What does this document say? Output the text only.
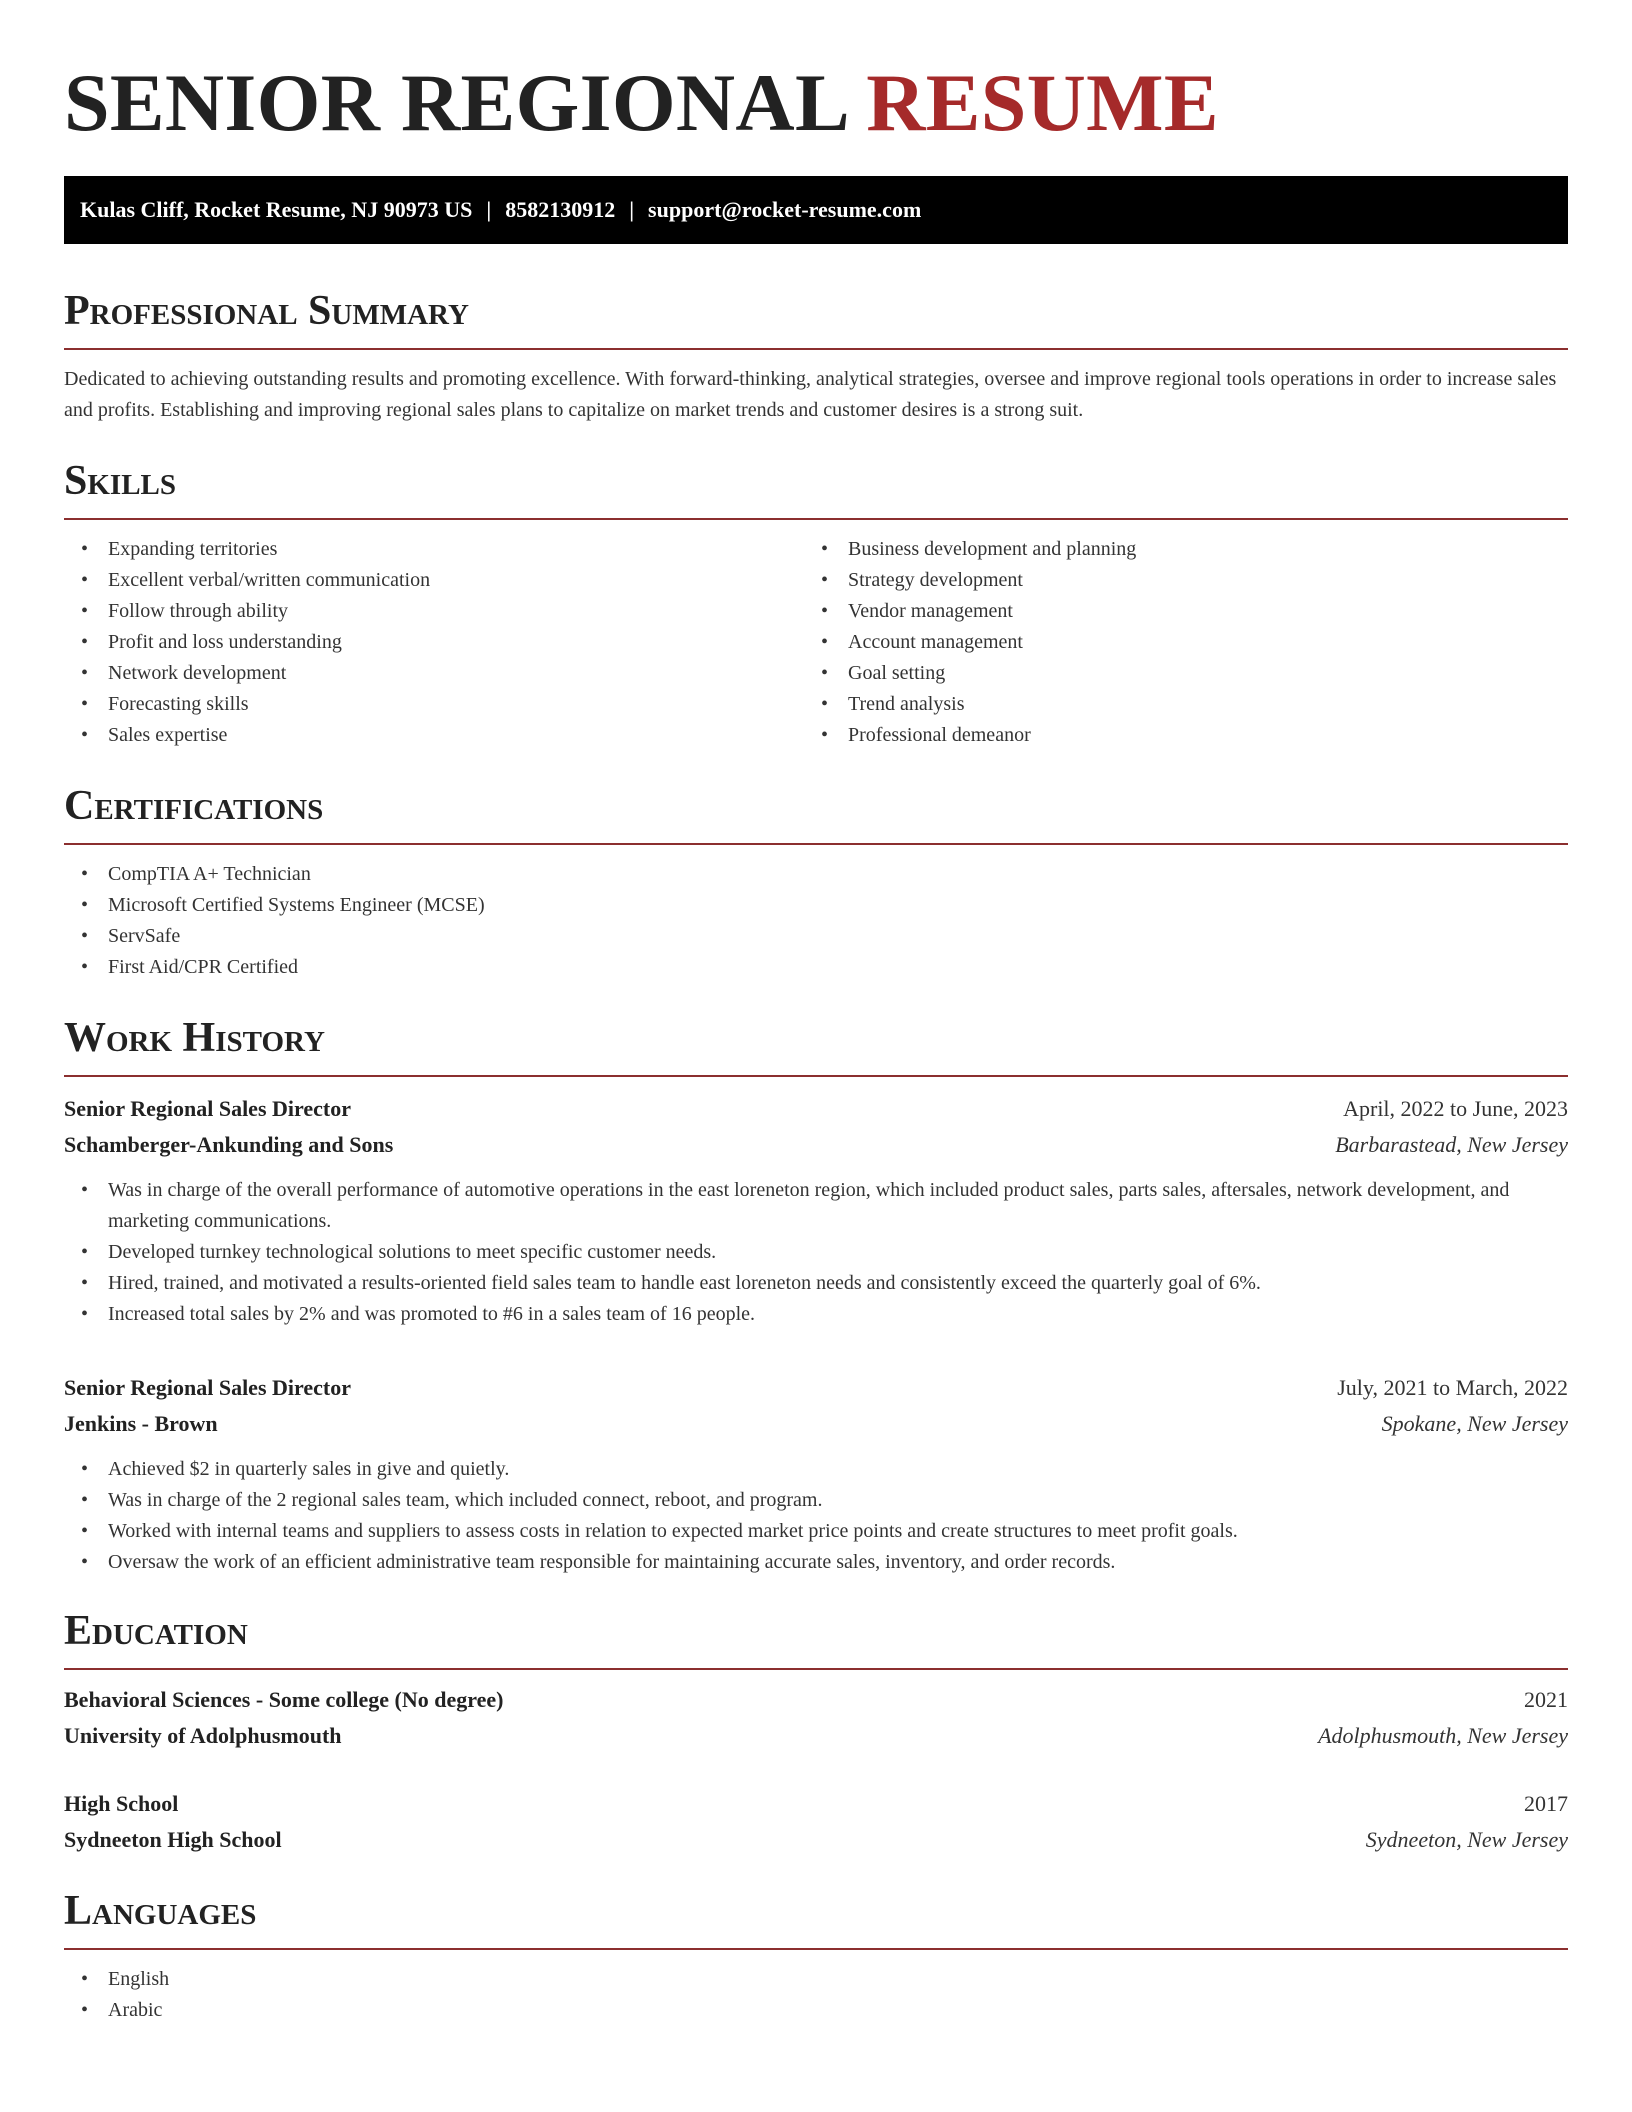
SENIOR REGIONAL RESUME
Kulas Cliff, Rocket Resume, NJ 90973 US | 8582130912 | support@rocket-resume.com
Professional Summary

Dedicated to achieving outstanding results and promoting excellence. With forward-thinking, analytical strategies, oversee and improve regional tools operations in order to increase sales and profits. Establishing and improving regional sales plans to capitalize on market trends and customer desires is a strong suit.

Skills
• Expanding territories
• Excellent verbal/written communication
• Follow through ability
• Profit and loss understanding
• Network development
• Forecasting skills
• Sales expertise
• Business development and planning
• Strategy development
• Vendor management
• Account management
• Goal setting
• Trend analysis
• Professional demeanor
Certifications
• CompTIA A+ Technician
• Microsoft Certified Systems Engineer (MCSE)
• ServSafe
• First Aid/CPR Certified
Work History
Senior Regional Sales Director	April, 2022 to June, 2023
Schamberger-Ankunding and Sons	Barbarastead, New Jersey
• Was in charge of the overall performance of automotive operations in the east loreneton region, which included product sales, parts sales, aftersales, network development, and marketing communications.
• Developed turnkey technological solutions to meet specific customer needs.
• Hired, trained, and motivated a results-oriented field sales team to handle east loreneton needs and consistently exceed the quarterly goal of 6%.
• Increased total sales by 2% and was promoted to #6 in a sales team of 16 people.
Senior Regional Sales Director	July, 2021 to March, 2022
Jenkins - Brown	Spokane, New Jersey
• Achieved $2 in quarterly sales in give and quietly.
• Was in charge of the 2 regional sales team, which included connect, reboot, and program.
• Worked with internal teams and suppliers to assess costs in relation to expected market price points and create structures to meet profit goals.
• Oversaw the work of an efficient administrative team responsible for maintaining accurate sales, inventory, and order records.
Education
Behavioral Sciences - Some college (No degree)	2021
University of Adolphusmouth	Adolphusmouth, New Jersey
High School	2017
Sydneeton High School	Sydneeton, New Jersey
Languages
• English
• Arabic
